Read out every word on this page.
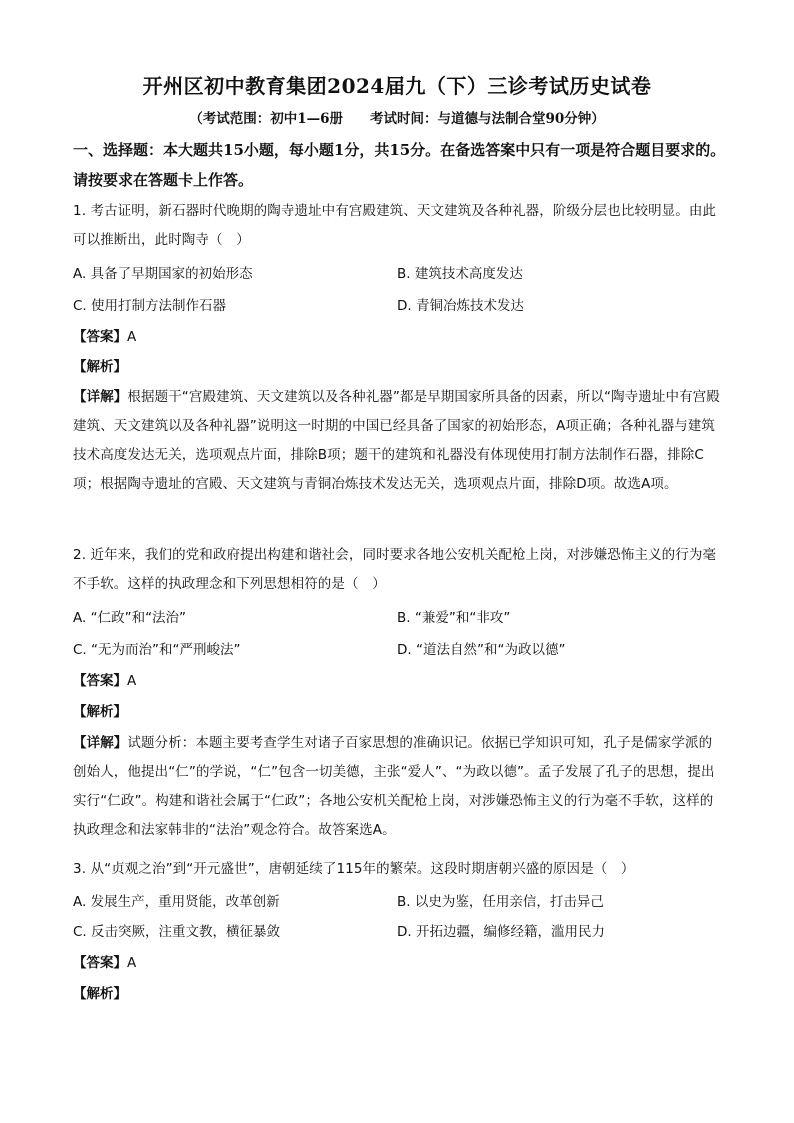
开州区初中教育集团2024届九（下）三诊考试历史试卷
（考试范围：初中1—6册　　考试时间：与道德与法制合堂90分钟）
一、选择题：本大题共15小题，每小题1分，共15分。在备选答案中只有一项是符合题目要求的。请按要求在答题卡上作答。
1. 考古证明，新石器时代晚期的陶寺遗址中有宫殿建筑、天文建筑及各种礼器，阶级分层也比较明显。由此可以推断出，此时陶寺（　）
A. 具备了早期国家的初始形态	B. 建筑技术高度发达
C. 使用打制方法制作石器	D. 青铜冶炼技术发达
【答案】A
【解析】
【详解】根据题干“宫殿建筑、天文建筑以及各种礼器”都是早期国家所具备的因素，所以“陶寺遗址中有宫殿建筑、天文建筑以及各种礼器”说明这一时期的中国已经具备了国家的初始形态，A项正确；各种礼器与建筑技术高度发达无关，选项观点片面，排除B项；题干的建筑和礼器没有体现使用打制方法制作石器，排除C项；根据陶寺遗址的宫殿、天文建筑与青铜冶炼技术发达无关，选项观点片面，排除D项。故选A项。
2. 近年来，我们的党和政府提出构建和谐社会，同时要求各地公安机关配枪上岗，对涉嫌恐怖主义的行为毫不手软。这样的执政理念和下列思想相符的是（　）
A. “仁政”和“法治”	B. “兼爱”和“非攻”
C. “无为而治”和“严刑峻法”	D. “道法自然”和“为政以德”
【答案】A
【解析】
【详解】试题分析：本题主要考查学生对诸子百家思想的准确识记。依据已学知识可知，孔子是儒家学派的创始人，他提出“仁”的学说，“仁”包含一切美德，主张“爱人”、“为政以德”。孟子发展了孔子的思想，提出实行“仁政”。构建和谐社会属于“仁政”；各地公安机关配枪上岗，对涉嫌恐怖主义的行为毫不手软，这样的执政理念和法家韩非的“法治”观念符合。故答案选A。
3. 从“贞观之治”到“开元盛世”，唐朝延续了115年的繁荣。这段时期唐朝兴盛的原因是（　）
A. 发展生产，重用贤能，改革创新	B. 以史为鉴，任用亲信，打击异己
C. 反击突厥，注重文教，横征暴敛	D. 开拓边疆，编修经籍，滥用民力
【答案】A
【解析】
